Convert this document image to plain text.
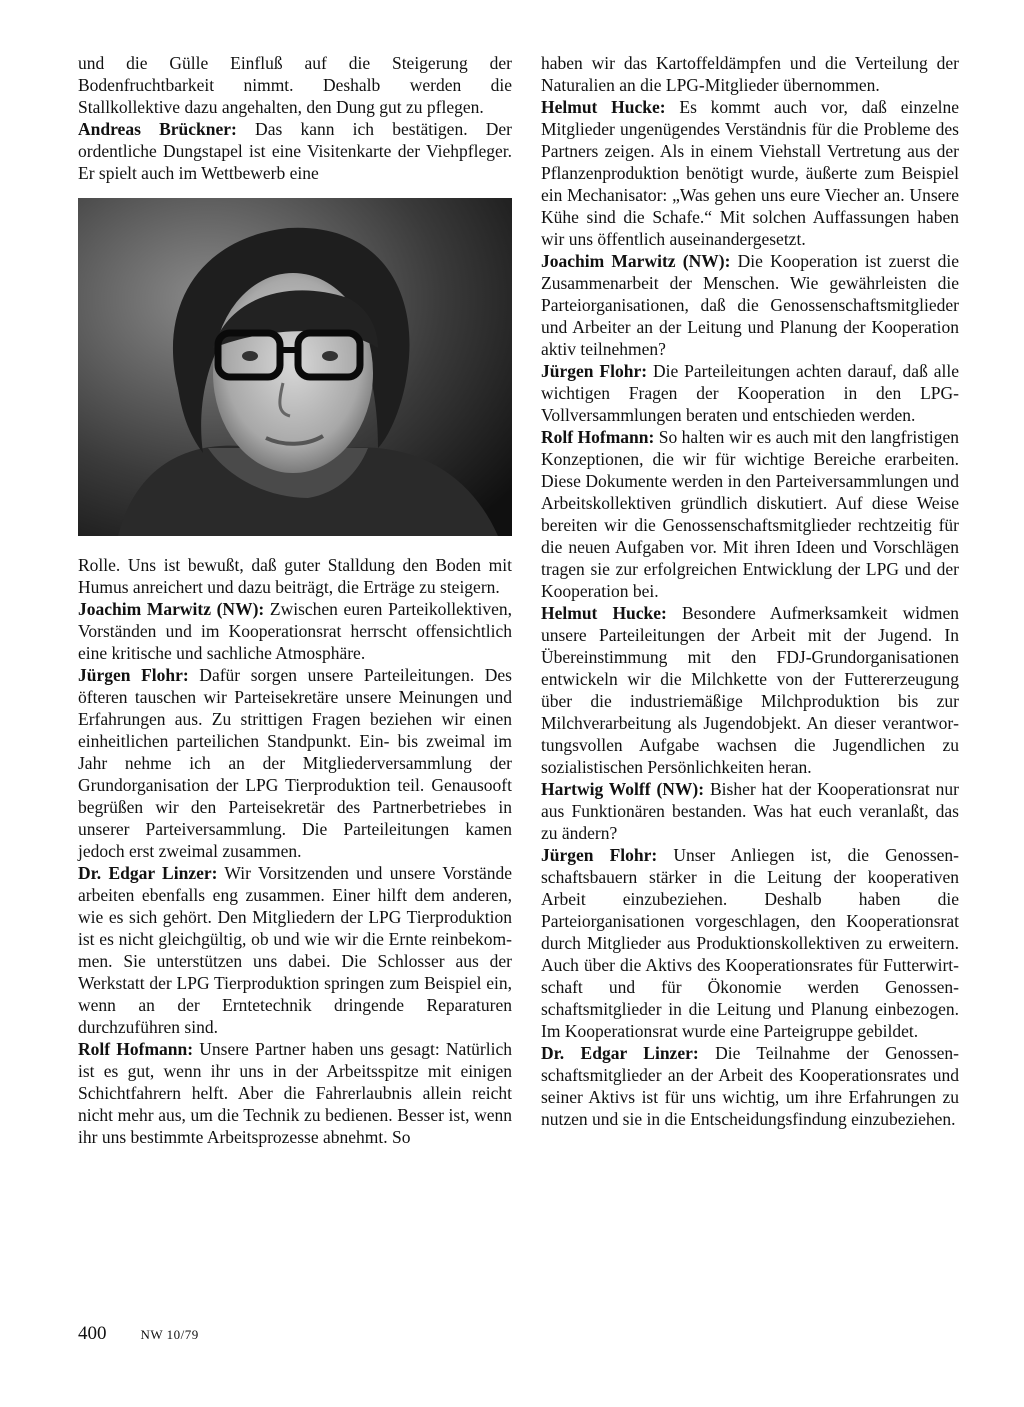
und die Gülle Einfluß auf die Steigerung der Bodenfruchtbarkeit nimmt. Deshalb werden die Stallkollektive dazu angehalten, den Dung gut zu pflegen.

Andreas Brückner: Das kann ich bestätigen. Der ordentliche Dungstapel ist eine Visitenkarte der Viehpfleger. Er spielt auch im Wettbewerb eine

Rolle. Uns ist bewußt, daß guter Stalldung den Boden mit Humus anreichert und dazu beiträgt, die Erträge zu steigern.

Joachim Marwitz (NW): Zwischen euren Parteikollektiven, Vorständen und im Kooperationsrat herrscht offensichtlich eine kritische und sachliche Atmosphäre.

Jürgen Flohr: Dafür sorgen unsere Parteileitungen. Des öfteren tauschen wir Parteisekretäre unsere Meinungen und Erfahrungen aus. Zu strittigen Fragen beziehen wir einen einheitlichen parteilichen Standpunkt. Ein- bis zweimal im Jahr nehme ich an der Mitgliederversammlung der Grundorganisation der LPG Tierproduktion teil. Genausooft begrüßen wir den Parteisekretär des Partnerbetriebes in unserer Parteiversammlung. Die Parteileitungen kamen jedoch erst zweimal zusammen.

Dr. Edgar Linzer: Wir Vorsitzenden und unsere Vorstände arbeiten ebenfalls eng zusammen. Einer hilft dem anderen, wie es sich gehört. Den Mitgliedern der LPG Tierproduktion ist es nicht gleichgültig, ob und wie wir die Ernte reinbekommen. Sie unterstützen uns dabei. Die Schlosser aus der Werkstatt der LPG Tierproduktion springen zum Beispiel ein, wenn an der Erntetechnik dringende Reparaturen durchzuführen sind.

Rolf Hofmann: Unsere Partner haben uns gesagt: Natürlich ist es gut, wenn ihr uns in der Arbeitsspitze mit einigen Schichtfahrern helft. Aber die Fahrerlaubnis allein reicht nicht mehr aus, um die Technik zu bedienen. Besser ist, wenn ihr uns bestimmte Arbeitsprozesse abnehmt. So

haben wir das Kartoffeldämpfen und die Verteilung der Naturalien an die LPG-Mitglieder übernommen.

Helmut Hucke: Es kommt auch vor, daß einzelne Mitglieder ungenügendes Verständnis für die Probleme des Partners zeigen. Als in einem Viehstall Vertretung aus der Pflanzenproduktion benötigt wurde, äußerte zum Beispiel ein Mechanisator: „Was gehen uns eure Viecher an. Unsere Kühe sind die Schafe.“ Mit solchen Auffassungen haben wir uns öffentlich auseinandergesetzt.

Joachim Marwitz (NW): Die Kooperation ist zuerst die Zusammenarbeit der Menschen. Wie gewährleisten die Parteiorganisationen, daß die Genossenschaftsmitglieder und Arbeiter an der Leitung und Planung der Kooperation aktiv teilnehmen?

Jürgen Flohr: Die Parteileitungen achten darauf, daß alle wichtigen Fragen der Kooperation in den LPG-Vollversammlungen beraten und entschieden werden.

Rolf Hofmann: So halten wir es auch mit den langfristigen Konzeptionen, die wir für wichtige Bereiche erarbeiten. Diese Dokumente werden in den Parteiversammlungen und Arbeitskollektiven gründlich diskutiert. Auf diese Weise bereiten wir die Genossenschaftsmitglieder rechtzeitig für die neuen Aufgaben vor. Mit ihren Ideen und Vorschlägen tragen sie zur erfolgreichen Entwicklung der LPG und der Kooperation bei.

Helmut Hucke: Besondere Aufmerksamkeit widmen unsere Parteileitungen der Arbeit mit der Jugend. In Übereinstimmung mit den FDJ-Grundorganisationen entwickeln wir die Milchkette von der Futtererzeugung über die industriemäßige Milchproduktion bis zur Milchverarbeitung als Jugendobjekt. An dieser verantwortungsvollen Aufgabe wachsen die Jugendlichen zu sozialistischen Persönlichkeiten heran.

Hartwig Wolff (NW): Bisher hat der Kooperationsrat nur aus Funktionären bestanden. Was hat euch veranlaßt, das zu ändern?

Jürgen Flohr: Unser Anliegen ist, die Genossenschaftsbauern stärker in die Leitung der kooperativen Arbeit einzubeziehen. Deshalb haben die Parteiorganisationen vorgeschlagen, den Kooperationsrat durch Mitglieder aus Produktionskollektiven zu erweitern. Auch über die Aktivs des Kooperationsrates für Futterwirtschaft und für Ökonomie werden Genossenschaftsmitglieder in die Leitung und Planung einbezogen. Im Kooperationsrat wurde eine Parteigruppe gebildet.

Dr. Edgar Linzer: Die Teilnahme der Genossenschaftsmitglieder an der Arbeit des Kooperationsrates und seiner Aktivs ist für uns wichtig, um ihre Erfahrungen zu nutzen und sie in die Entscheidungsfindung einzubeziehen.

400	NW 10/79
